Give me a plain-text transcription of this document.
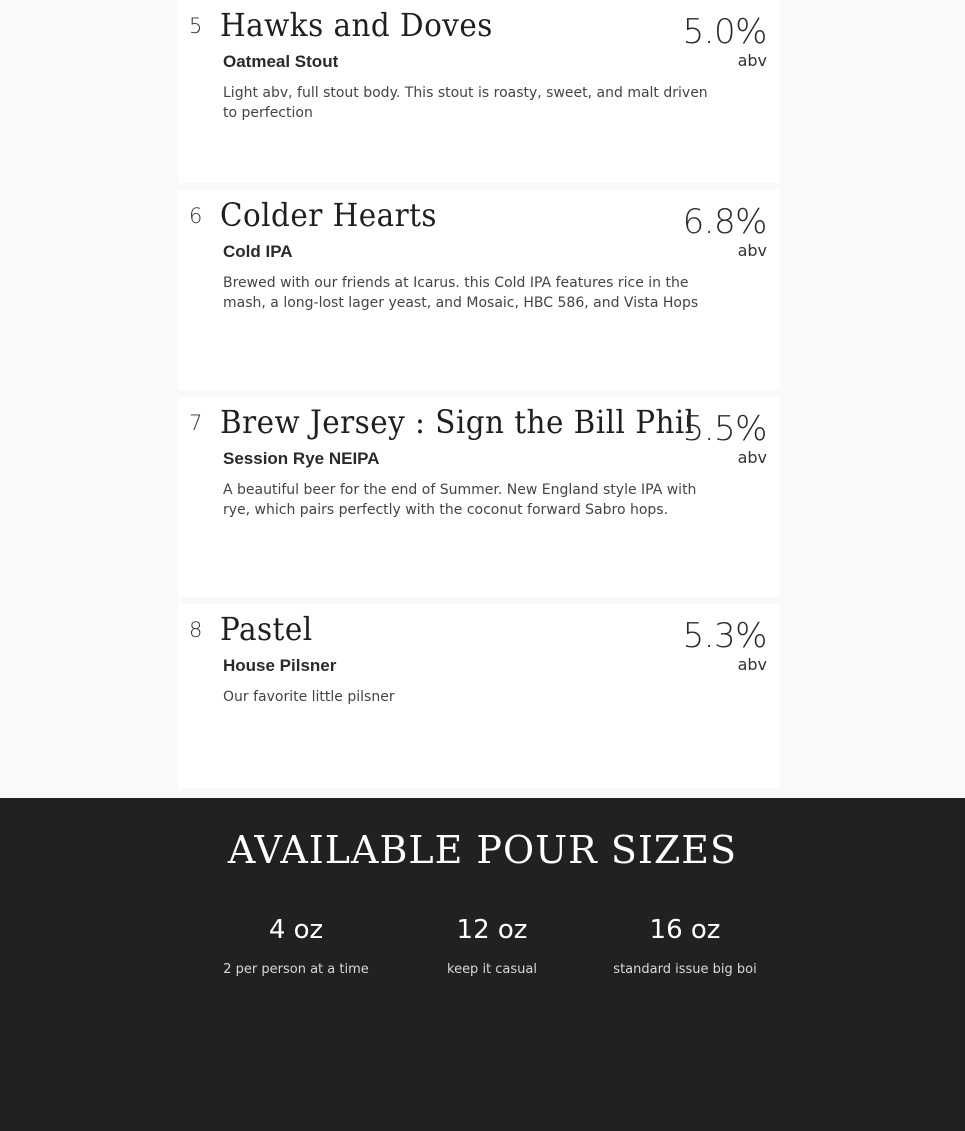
5 Hawks and Doves	5.0%
abv
Oatmeal Stout

Light abv, full stout body. This stout is roasty, sweet, and malt driven to perfection

6 Colder Hearts	6.8%
abv
Cold IPA

Brewed with our friends at Icarus. this Cold IPA features rice in the mash, a long-lost lager yeast, and Mosaic, HBC 586, and Vista Hops

7 Brew Jersey : Sign the Bill Phil
5.5%
abv
Session Rye NEIPA

A beautiful beer for the end of Summer. New England style IPA with rye, which pairs perfectly with the coconut forward Sabro hops.

8 Pastel	5.3%
abv
House Pilsner

Our favorite little pilsner

AVAILABLE POUR SIZES
4 oz
2 per person at a time
12 oz
keep it casual
16 oz
standard issue big boi
